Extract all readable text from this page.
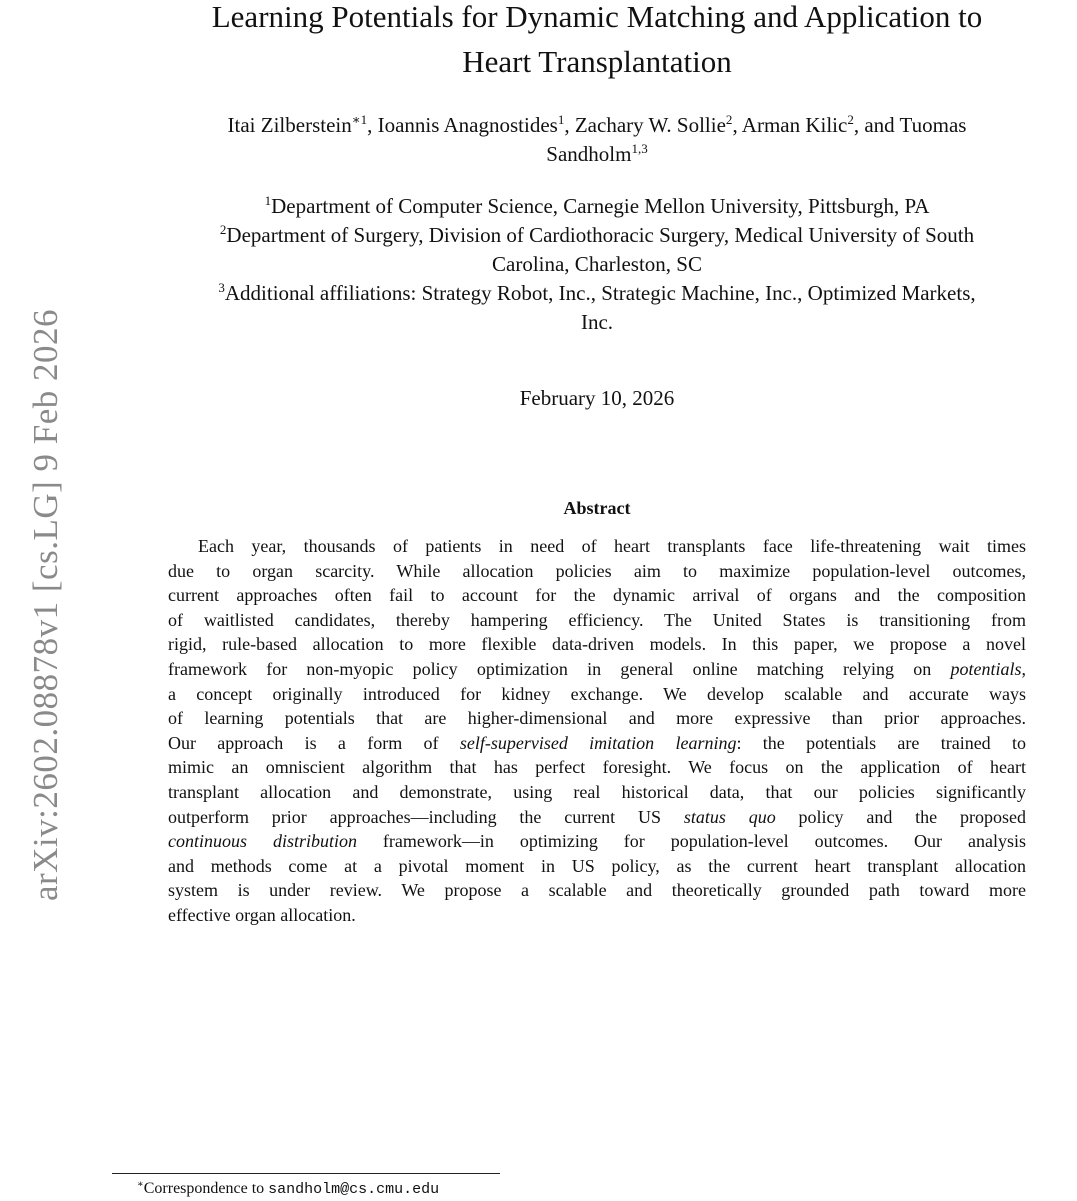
arXiv:2602.08878v1 [cs.LG] 9 Feb 2026
Learning Potentials for Dynamic Matching and Application to
Heart Transplantation
Itai Zilberstein$^{∗1}$, Ioannis Anagnostides$^1$, Zachary W. Sollie$^2$, Arman Kilic$^2$, and Tuomas
Sandholm$^{1,3}$
$^1$Department of Computer Science, Carnegie Mellon University, Pittsburgh, PA
$^2$Department of Surgery, Division of Cardiothoracic Surgery, Medical University of South
Carolina, Charleston, SC
$^3$Additional affiliations: Strategy Robot, Inc., Strategic Machine, Inc., Optimized Markets,
Inc.
February 10, 2026
Abstract
Each year, thousands of patients in need of heart transplants face life-threatening wait times
due to organ scarcity. While allocation policies aim to maximize population-level outcomes,
current approaches often fail to account for the dynamic arrival of organs and the composition
of waitlisted candidates, thereby hampering efficiency. The United States is transitioning from
rigid, rule-based allocation to more flexible data-driven models. In this paper, we propose a novel
framework for non-myopic policy optimization in general online matching relying on potentials,
a concept originally introduced for kidney exchange. We develop scalable and accurate ways
of learning potentials that are higher-dimensional and more expressive than prior approaches.
Our approach is a form of self-supervised imitation learning: the potentials are trained to
mimic an omniscient algorithm that has perfect foresight. We focus on the application of heart
transplant allocation and demonstrate, using real historical data, that our policies significantly
outperform prior approaches—including the current US status quo policy and the proposed
continuous distribution framework—in optimizing for population-level outcomes. Our analysis
and methods come at a pivotal moment in US policy, as the current heart transplant allocation
system is under review. We propose a scalable and theoretically grounded path toward more
effective organ allocation.
∗Correspondence to sandholm@cs.cmu.edu
